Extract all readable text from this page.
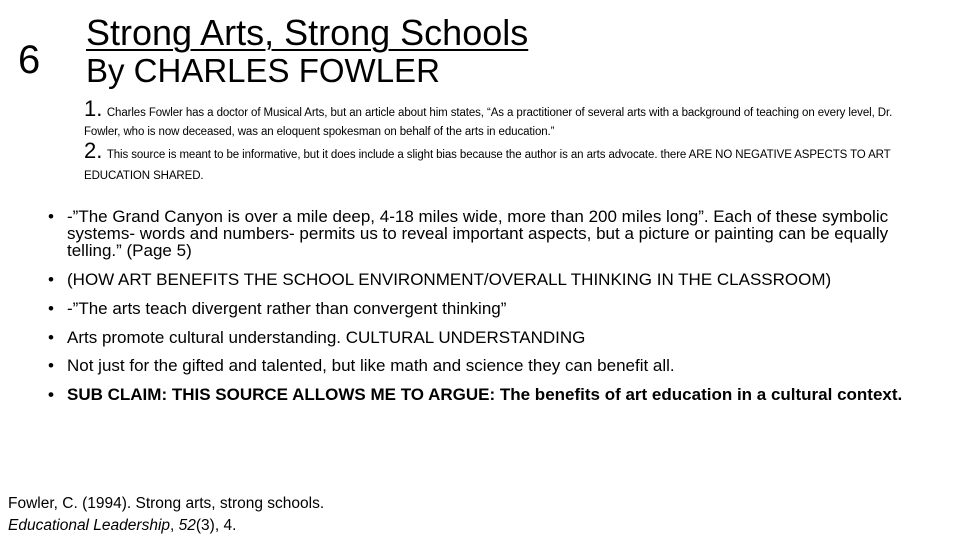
6
Strong Arts, Strong Schools
By CHARLES FOWLER
1. Charles Fowler has a doctor of Musical Arts, but an article about him states, “As a practitioner of several arts with a background of teaching on every level, Dr. Fowler, who is now deceased, was an eloquent spokesman on behalf of the arts in education.”
2. This source is meant to be informative, but it does include a slight bias because the author is an arts advocate. there ARE NO NEGATIVE ASPECTS TO ART EDUCATION SHARED.
• -”The Grand Canyon is over a mile deep, 4-18 miles wide, more than 200 miles long”. Each of these symbolic systems- words and numbers- permits us to reveal important aspects, but a picture or painting can be equally telling.” (Page 5)
• (HOW ART BENEFITS THE SCHOOL ENVIRONMENT/OVERALL THINKING IN THE CLASSROOM)
• -”The arts teach divergent rather than convergent thinking”
• Arts promote cultural understanding. CULTURAL UNDERSTANDING
• Not just for the gifted and talented, but like math and science they can benefit all.
• SUB CLAIM: THIS SOURCE ALLOWS ME TO ARGUE: The benefits of art education in a cultural context.
Fowler, C. (1994). Strong arts, strong schools. Educational Leadership, 52(3), 4.
